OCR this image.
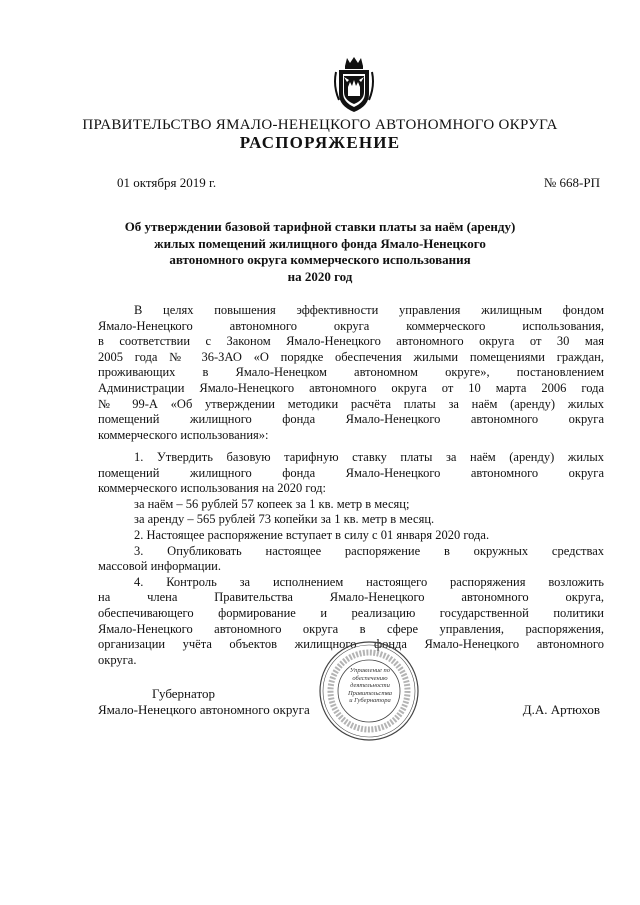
ПРАВИТЕЛЬСТВО ЯМАЛО-НЕНЕЦКОГО АВТОНОМНОГО ОКРУГА
РАСПОРЯЖЕНИЕ
01 октября 2019 г.	№ 668-РП
Об утверждении базовой тарифной ставки платы за наём (аренду)
жилых помещений жилищного фонда Ямало-Ненецкого
автономного округа коммерческого использования
на 2020 год
В целях повышения эффективности управления жилищным фондом
Ямало-Ненецкого автономного округа коммерческого использования,
в соответствии с Законом Ямало-Ненецкого автономного округа от 30 мая
2005 года № 36-ЗАО «О порядке обеспечения жилыми помещениями граждан,
проживающих в Ямало-Ненецком автономном округе», постановлением
Администрации Ямало-Ненецкого автономного округа от 10 марта 2006 года
№ 99-А «Об утверждении методики расчёта платы за наём (аренду) жилых
помещений жилищного фонда Ямало-Ненецкого автономного округа
коммерческого использования»:
1. Утвердить базовую тарифную ставку платы за наём (аренду) жилых
помещений жилищного фонда Ямало-Ненецкого автономного округа
коммерческого использования на 2020 год:
за наём – 56 рублей 57 копеек за 1 кв. метр в месяц;
за аренду – 565 рублей 73 копейки за 1 кв. метр в месяц.
2. Настоящее распоряжение вступает в силу с 01 января 2020 года.
3. Опубликовать настоящее распоряжение в окружных средствах
массовой информации.
4. Контроль за исполнением настоящего распоряжения возложить
на члена Правительства Ямало-Ненецкого автономного округа,
обеспечивающего формирование и реализацию государственной политики
Ямало-Ненецкого автономного округа в сфере управления, распоряжения,
организации учёта объектов жилищного фонда Ямало-Ненецкого автономного
округа.
Управление по
обеспечению
деятельности
Правительства
и Губернатора
Губернатор
Ямало-Ненецкого автономного округа	Д.А. Артюхов
